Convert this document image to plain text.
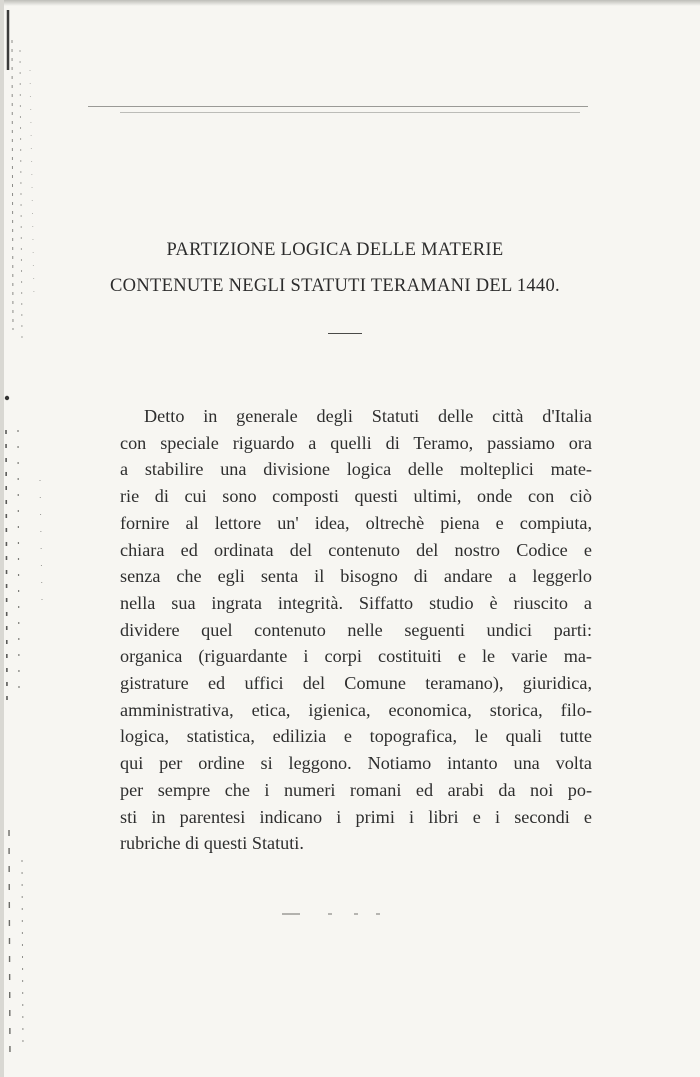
PARTIZIONE LOGICA DELLE MATERIE
CONTENUTE NEGLI STATUTI TERAMANI DEL 1440.
Detto in generale degli Statuti delle città d'Italia
con speciale riguardo a quelli di Teramo, passiamo ora
a stabilire una divisione logica delle molteplici mate-
rie di cui sono composti questi ultimi, onde con ciò
fornire al lettore un' idea, oltrechè piena e compiuta,
chiara ed ordinata del contenuto del nostro Codice e
senza che egli senta il bisogno di andare a leggerlo
nella sua ingrata integrità. Siffatto studio è riuscito a
dividere quel contenuto nelle seguenti undici parti:
organica (riguardante i corpi costituiti e le varie ma-
gistrature ed uffici del Comune teramano), giuridica,
amministrativa, etica, igienica, economica, storica, filo-
logica, statistica, edilizia e topografica, le quali tutte
qui per ordine si leggono. Notiamo intanto una volta
per sempre che i numeri romani ed arabi da noi po-
sti in parentesi indicano i primi i libri e i secondi e
rubriche di questi Statuti.
